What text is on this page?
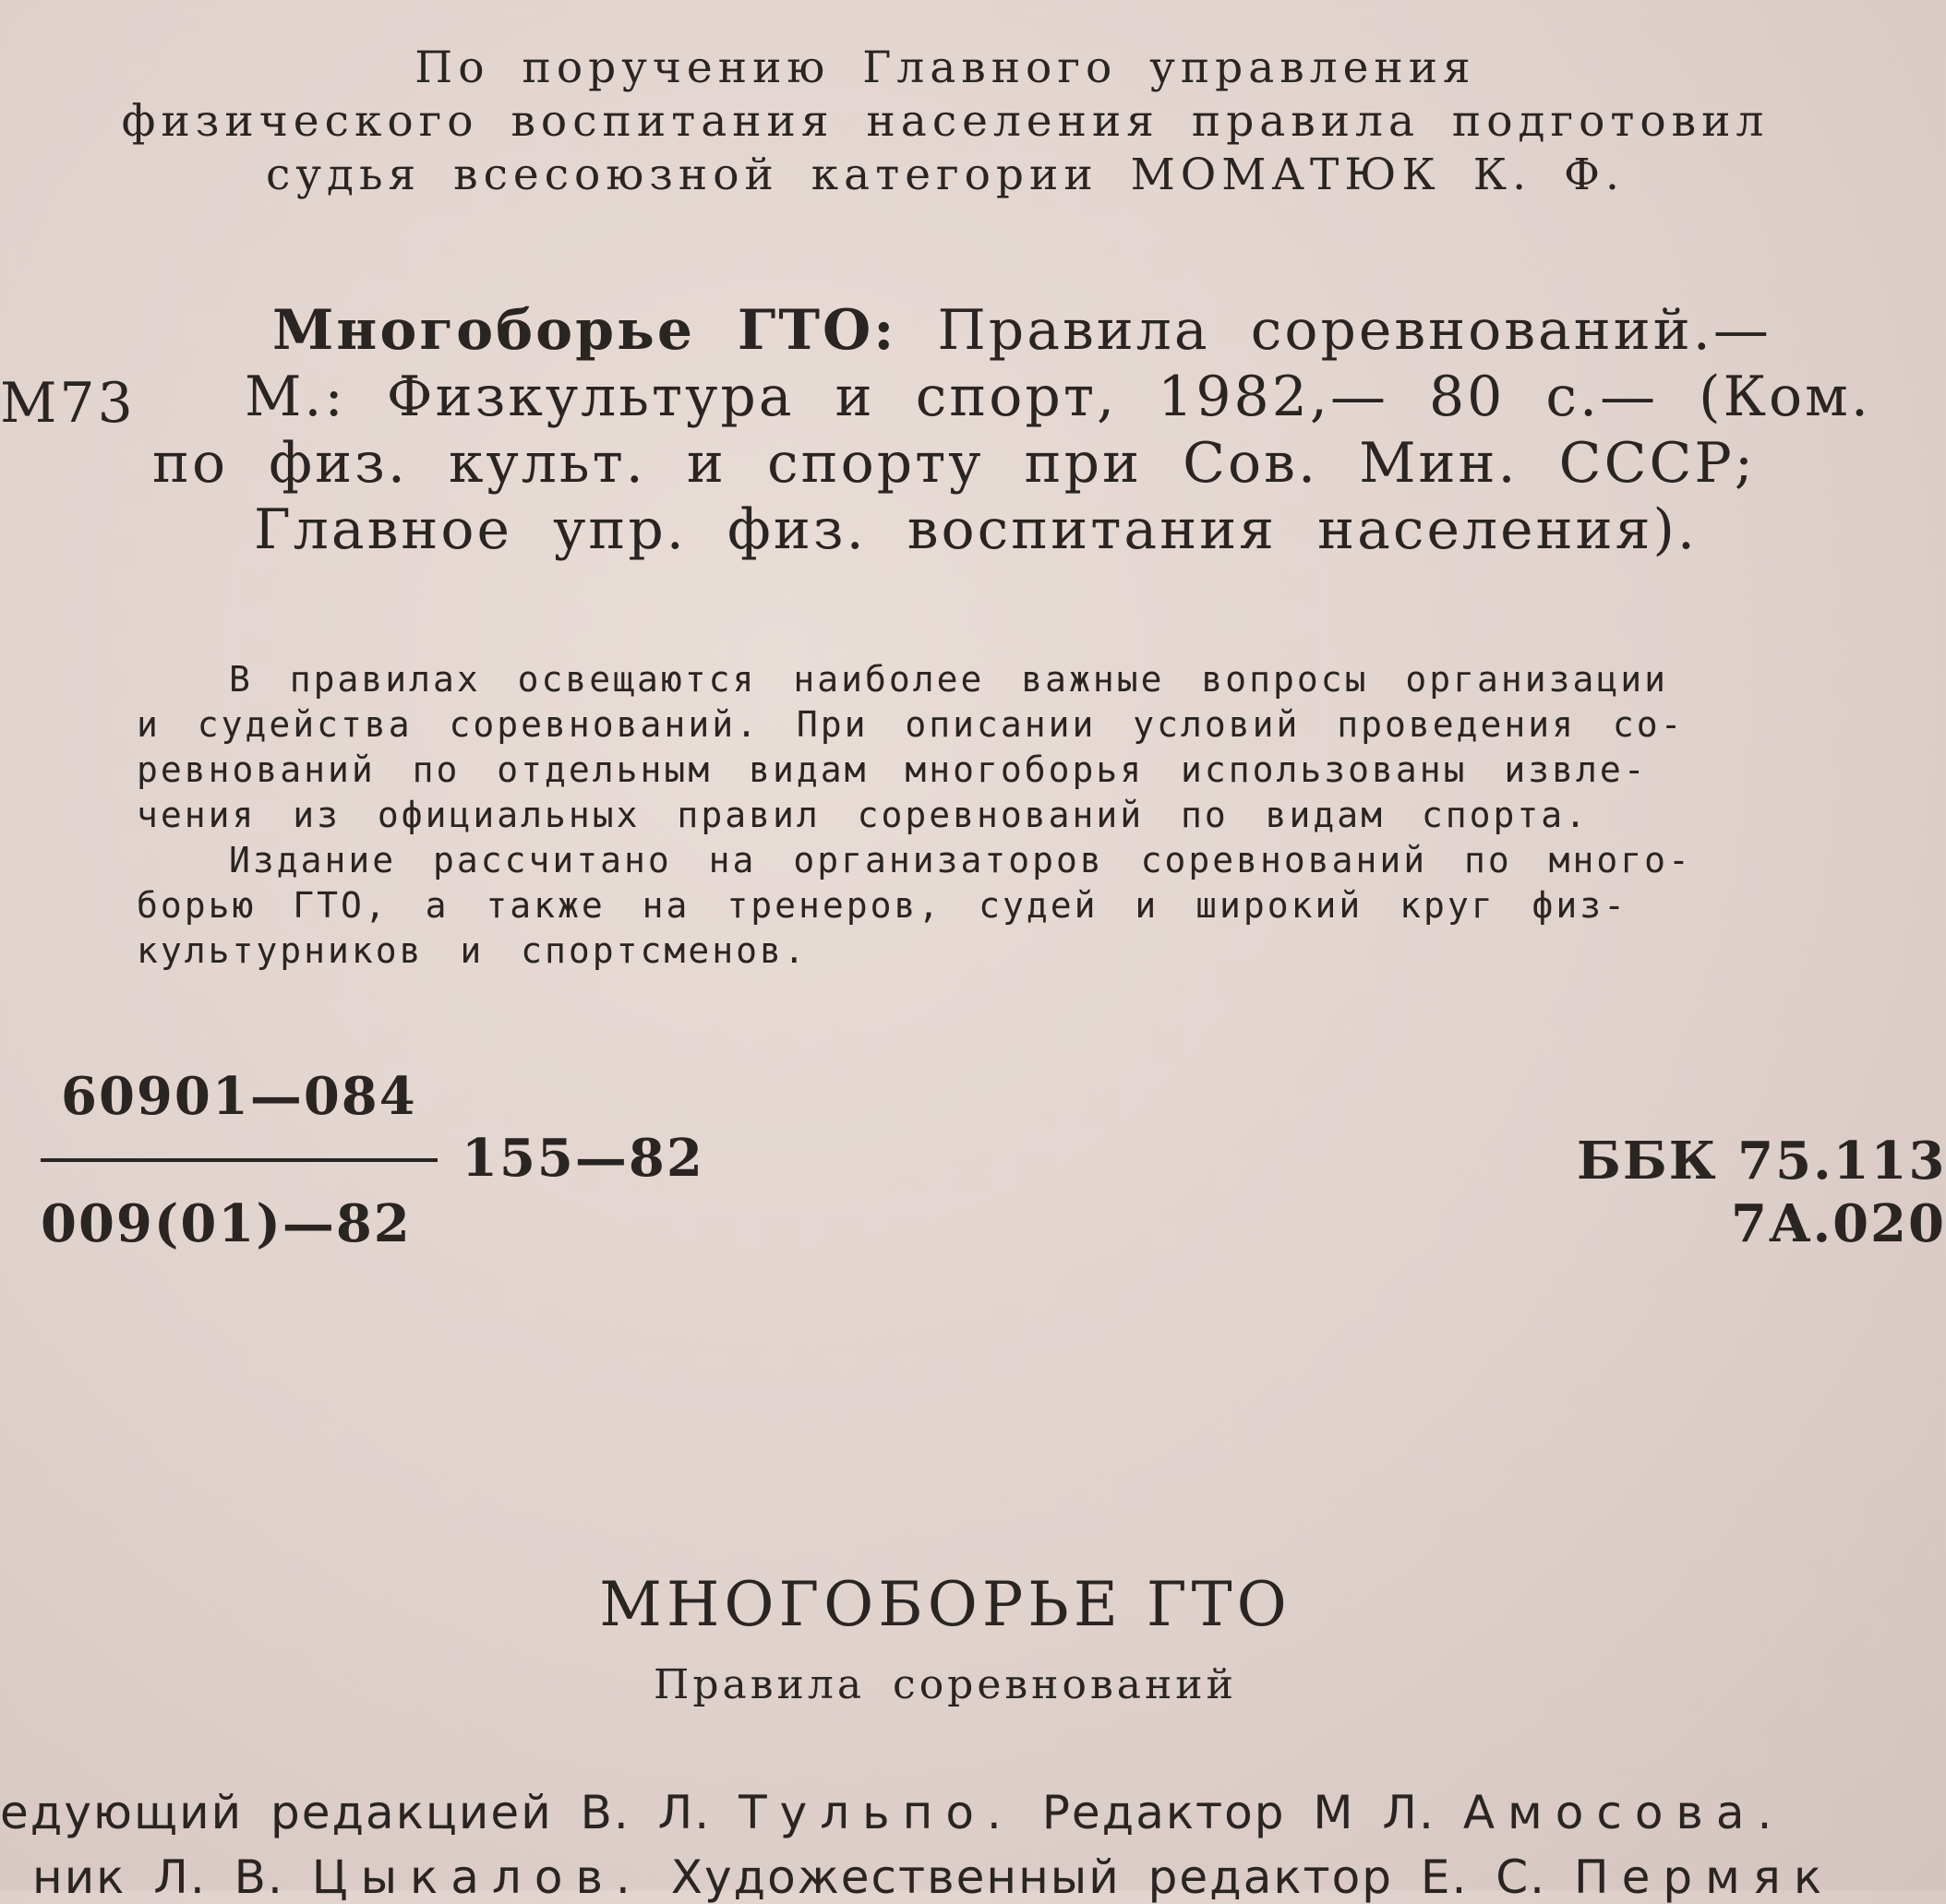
По поручению Главного управления
физического воспитания населения правила подготовил
судья всесоюзной категории МОМАТЮК К. Ф.
М73
Многоборье ГТО: Правила соревнований.—
М.: Физкультура и спорт, 1982,— 80 с.— (Ком.
по физ. культ. и спорту при Сов. Мин. СССР;
Главное упр. физ. воспитания населения).
В правилах освещаются наиболее важные вопросы организации
и судейства соревнований. При описании условий проведения со-
ревнований по отдельным видам многоборья использованы извле-
чения из официальных правил соревнований по видам спорта.
Издание рассчитано на организаторов соревнований по много-
борью ГТО, а также на тренеров, судей и широкий круг физ-
культурников и спортсменов.
60901—084
009(01)—82
155—82	ББК 75.113
7А.020
МНОГОБОРЬЕ ГТО
Правила соревнований
едующий редакцией В. Л. Тульпо. Редактор М Л. Амосова.
ник Л. В. Цыкалов. Художественный редактор Е. С. Пермяк
